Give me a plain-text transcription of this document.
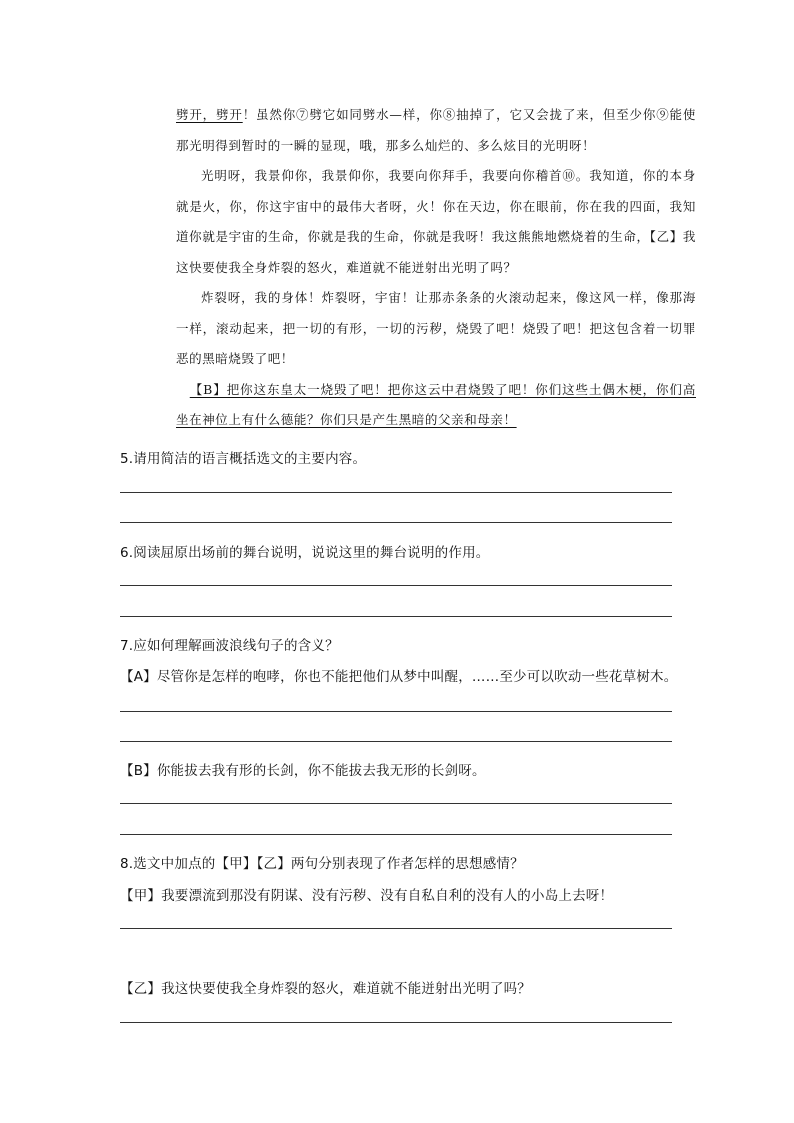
劈开，劈开！虽然你⑦劈它如同劈水—样，你⑧抽掉了，它又会拢了来，但至少你⑨能使那光明得到暂时的一瞬的显现，哦，那多么灿烂的、多么炫目的光明呀！

光明呀，我景仰你，我景仰你，我要向你拜手，我要向你稽首⑩。我知道，你的本身就是火，你，你这宇宙中的最伟大者呀，火！你在天边，你在眼前，你在我的四面，我知道你就是宇宙的生命，你就是我的生命，你就是我呀！我这熊熊地燃烧着的生命，【乙】我这快要使我全身炸裂的怒火，难道就不能迸射出光明了吗？

炸裂呀，我的身体！炸裂呀，宇宙！让那赤条条的火滚动起来，像这风一样，像那海一样，滚动起来，把一切的有形，一切的污秽，烧毁了吧！烧毁了吧！把这包含着一切罪恶的黑暗烧毁了吧！

【B】把你这东皇太一烧毁了吧！把你这云中君烧毁了吧！你们这些土偶木梗，你们高坐在神位上有什么德能？你们只是产生黑暗的父亲和母亲！

5.请用简洁的语言概括选文的主要内容。

6.阅读屈原出场前的舞台说明，说说这里的舞台说明的作用。

7.应如何理解画波浪线句子的含义？

【A】尽管你是怎样的咆哮，你也不能把他们从梦中叫醒，……至少可以吹动一些花草树木。

【B】你能拔去我有形的长剑，你不能拔去我无形的长剑呀。

8.选文中加点的【甲】【乙】两句分别表现了作者怎样的思想感情？

【甲】我要漂流到那没有阴谋、没有污秽、没有自私自利的没有人的小岛上去呀！

【乙】我这快要使我全身炸裂的怒火，难道就不能迸射出光明了吗？
